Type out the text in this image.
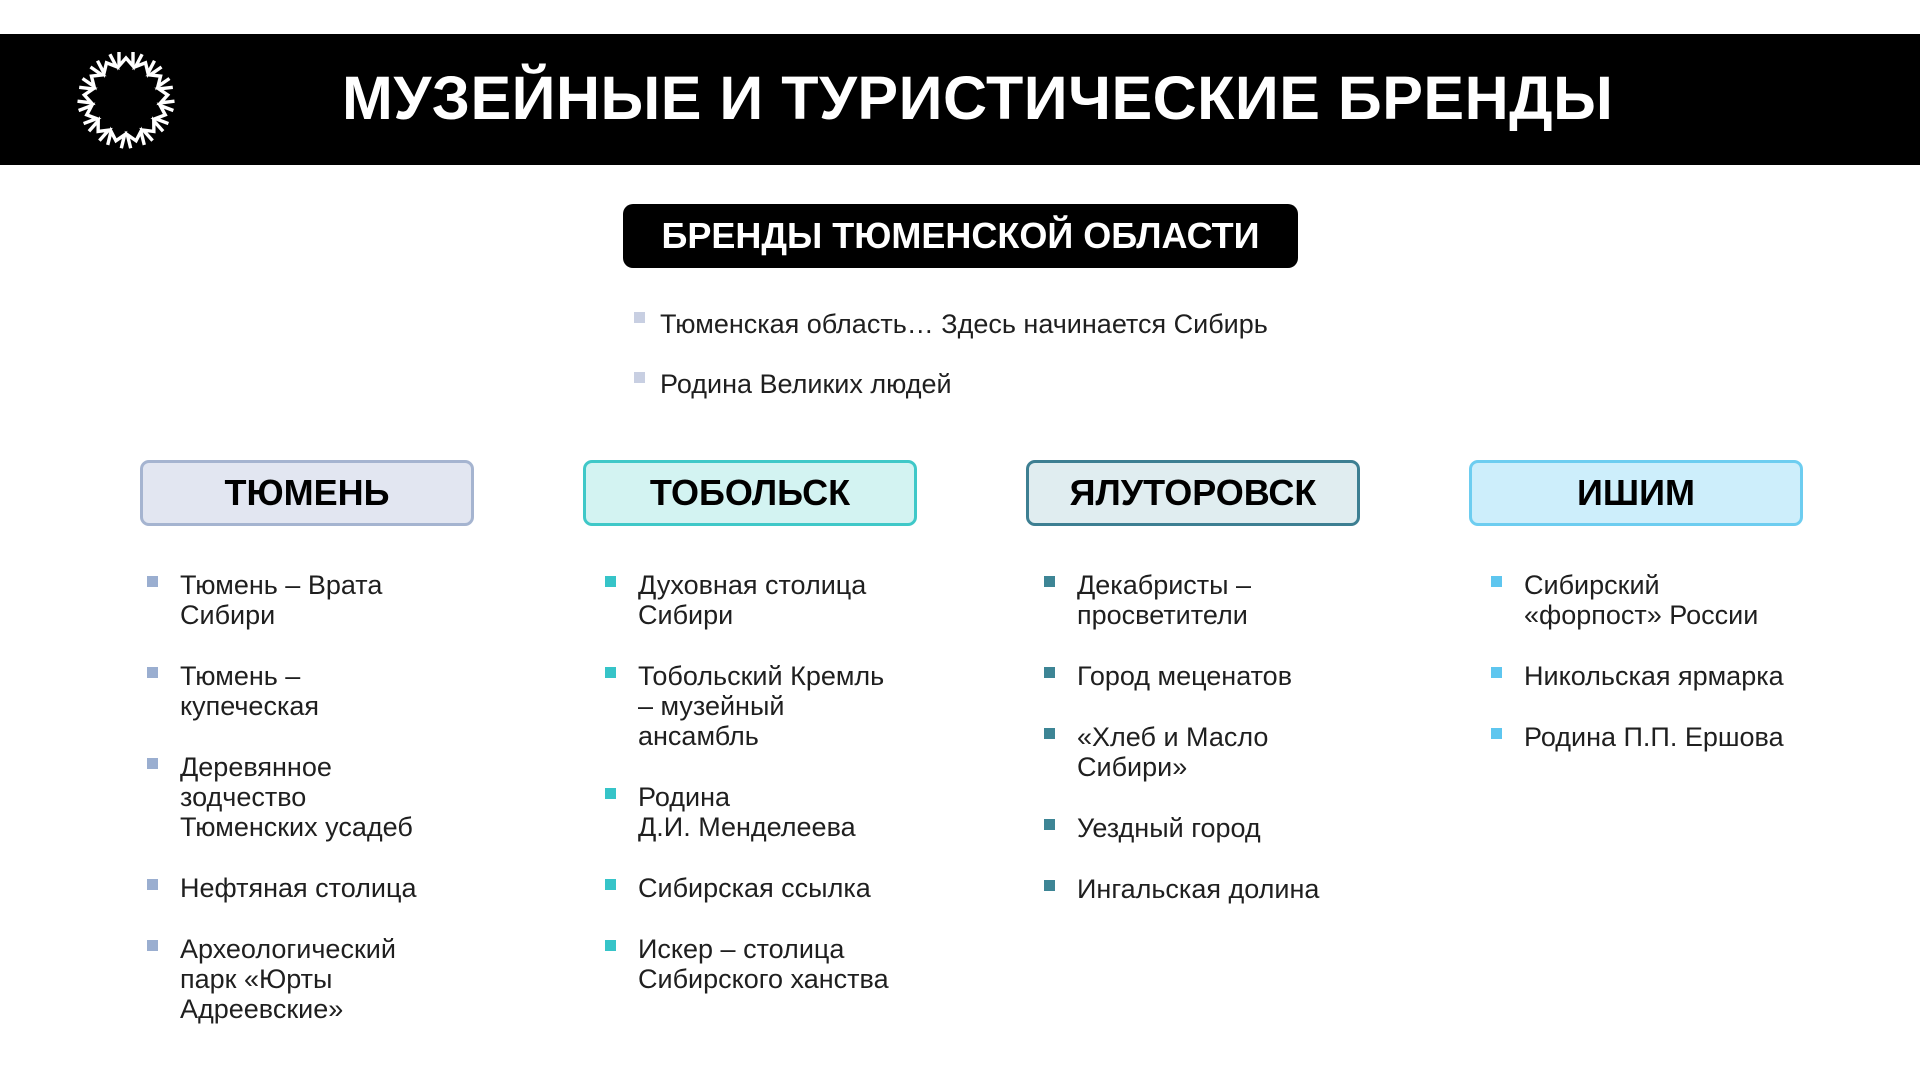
МУЗЕЙНЫЕ И ТУРИСТИЧЕСКИЕ БРЕНДЫ
БРЕНДЫ ТЮМЕНСКОЙ ОБЛАСТИ
Тюменская область… Здесь начинается Сибирь
Родина Великих людей
ТЮМЕНЬ
Тюмень – Врата
Сибири
Тюмень –
купеческая
Деревянное
зодчество
Тюменских усадеб
Нефтяная столица
Археологический
парк «Юрты
Адреевские»
ТОБОЛЬСК
Духовная столица
Сибири
Тобольский Кремль
– музейный
ансамбль
Родина
Д.И. Менделеева
Сибирская ссылка
Искер – столица
Сибирского ханства
ЯЛУТОРОВСК
Декабристы –
просветители
Город меценатов
«Хлеб и Масло
Сибири»
Уездный город
Ингальская долина
ИШИМ
Сибирский
«форпост» России
Никольская ярмарка
Родина П.П. Ершова
